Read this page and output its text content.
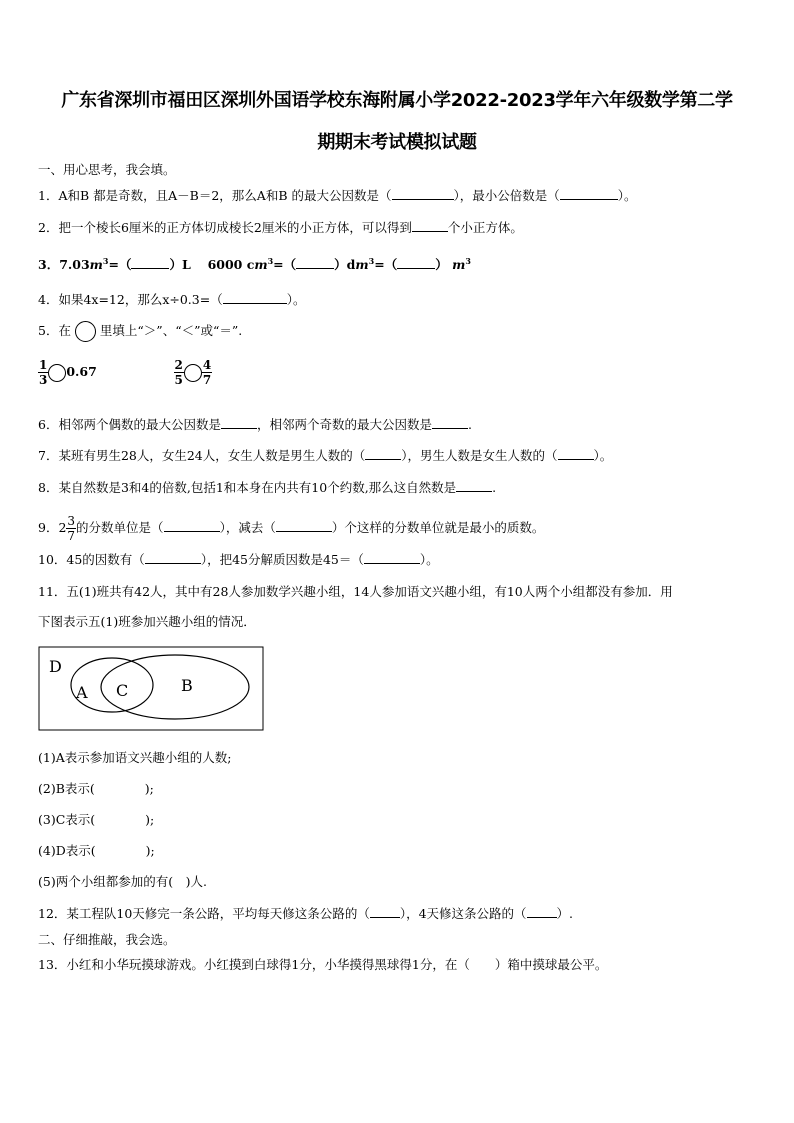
广东省深圳市福田区深圳外国语学校东海附属小学2022-2023学年六年级数学第二学
期期末考试模拟试题
一、用心思考，我会填。
1．A和B 都是奇数，且A－B＝2，那么A和B 的最大公因数是（	），最小公倍数是（	）。
2．把一个棱长6厘米的正方体切成棱长2厘米的小正方体，可以得到	个小正方体。
3．$7.03m^3=$（	）L　 6000 $cm^3=$（	）$dm^3=$（	） $m^3$
4．如果4x=12，那么x÷0.3=（	）。
5．在 里填上“＞”、“＜”或“＝”.
$\frac{1}{3} 0.67$	$\frac{2}{5} \frac{4}{7}$
6．相邻两个偶数的最大公因数是	，相邻两个奇数的最大公因数是	.
7．某班有男生28人，女生24人，女生人数是男生人数的（	），男生人数是女生人数的（	）。
8．某自然数是3和4的倍数,包括1和本身在内共有10个约数,那么这自然数是	.
9．$2 \frac{3}{7}$ 的分数单位是（	），减去（	）个这样的分数单位就是最小的质数。
10．45的因数有（	），把45分解质因数是45＝（	）。
11．五(1)班共有42人，其中有28人参加数学兴趣小组，14人参加语文兴趣小组，有10人两个小组都没有参加．用
下图表示五(1)班参加兴趣小组的情况．
D
A C	B
(1)A表示参加语文兴趣小组的人数;
(2)B表示(　　　　);
(3)C表示(　　　　);
(4)D表示(　　　　);
(5)两个小组都参加的有(　)人.
12．某工程队10天修完一条公路，平均每天修这条公路的（ ），4天修这条公路的（ ）.
二、仔细推敲，我会选。
13．小红和小华玩摸球游戏。小红摸到白球得1分，小华摸得黑球得1分，在（　　）箱中摸球最公平。
